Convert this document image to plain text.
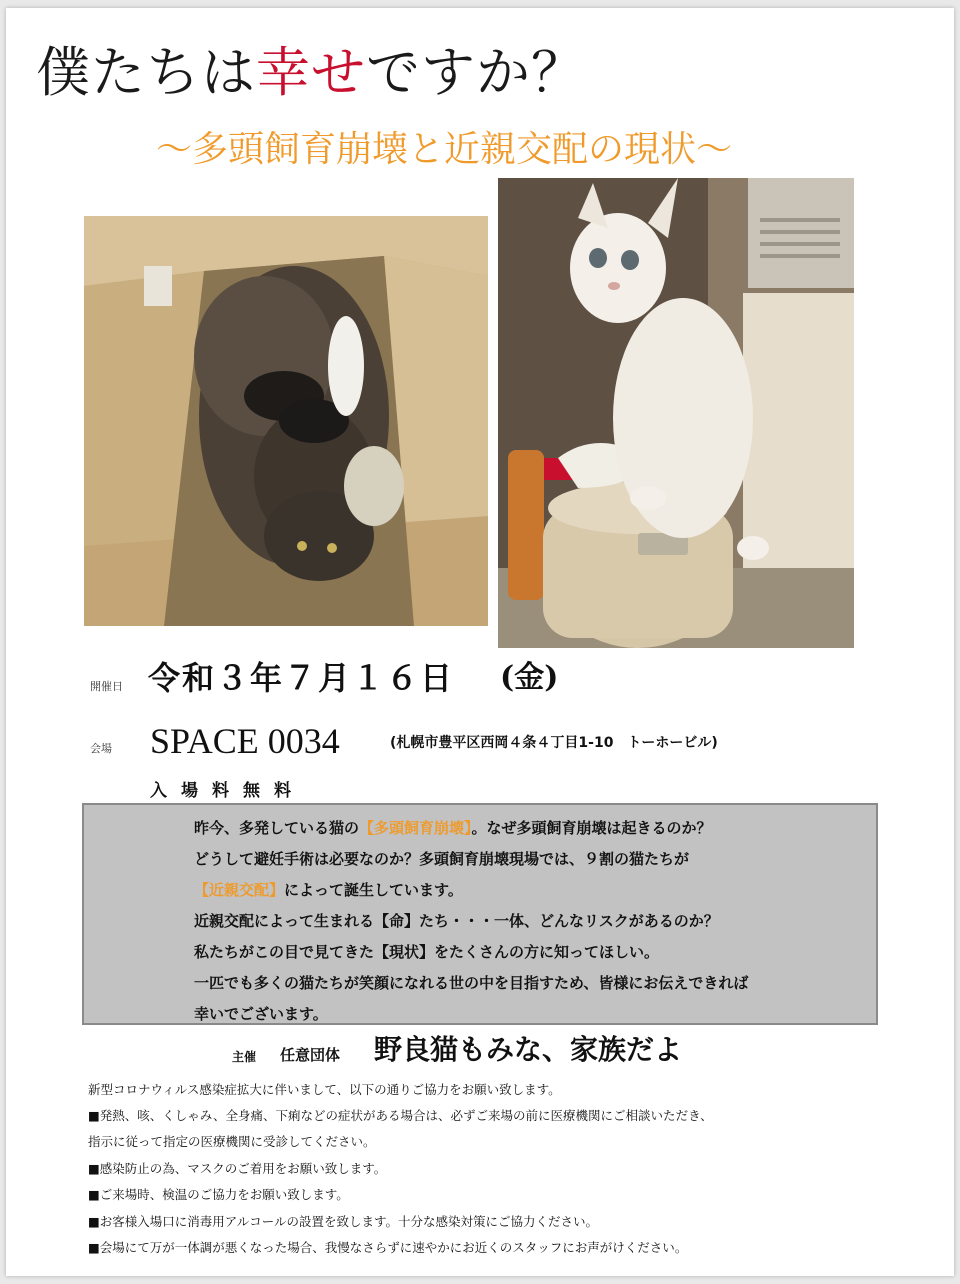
僕たちは幸せですか？
〜多頭飼育崩壊と近親交配の現状〜
開催日 令和３年７月１６日 (金)
会場 SPACE 0034	(札幌市豊平区西岡４条４丁目1-10　トーホービル)
入場料無料
昨今、多発している猫の【多頭飼育崩壊】。なぜ多頭飼育崩壊は起きるのか？
どうして避妊手術は必要なのか？多頭飼育崩壊現場では、９割の猫たちが
【近親交配】によって誕生しています。
近親交配によって生まれる【命】たち・・・一体、どんなリスクがあるのか？
私たちがこの目で見てきた【現状】をたくさんの方に知ってほしい。
一匹でも多くの猫たちが笑顔になれる世の中を目指すため、皆様にお伝えできれば
幸いでございます。
主催 任意団体 野良猫もみな、家族だよ
新型コロナウィルス感染症拡大に伴いまして、以下の通りご協力をお願い致します。
■発熱、咳、くしゃみ、全身痛、下痢などの症状がある場合は、必ずご来場の前に医療機関にご相談いただき、
指示に従って指定の医療機関に受診してください。
■感染防止の為、マスクのご着用をお願い致します。
■ご来場時、検温のご協力をお願い致します。
■お客様入場口に消毒用アルコールの設置を致します。十分な感染対策にご協力ください。
■会場にて万が一体調が悪くなった場合、我慢なさらずに速やかにお近くのスタッフにお声がけください。
